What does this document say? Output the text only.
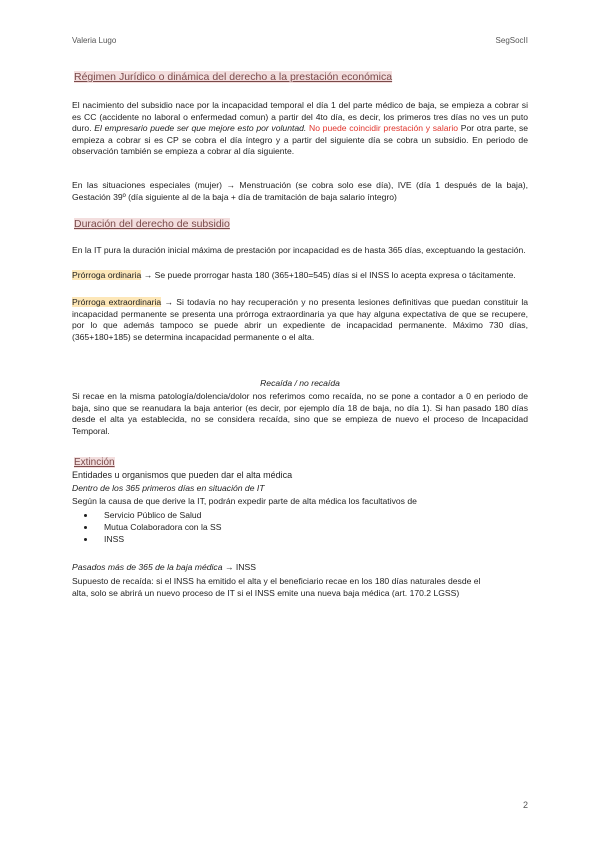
Valeria Lugo	SegSocII
Régimen Jurídico o dinámica del derecho a la prestación económica
El nacimiento del subsidio nace por la incapacidad temporal el día 1 del parte médico de baja, se empieza a cobrar si es CC (accidente no laboral o enfermedad comun) a partir del 4to día, es decir, los primeros tres días no ves un puto duro. El empresario puede ser que mejore esto por voluntad. No puede coincidir prestación y salario Por otra parte, se empieza a cobrar si es CP se cobra el día íntegro y a partir del siguiente día se cobra un subsidio. En periodo de observación también se empieza a cobrar al día siguiente.
En las situaciones especiales (mujer) → Menstruación (se cobra solo ese día), IVE (día 1 después de la baja), Gestación 39º (día siguiente al de la baja + día de tramitación de baja salario íntegro)
Duración del derecho de subsidio
En la IT pura la duración inicial máxima de prestación por incapacidad es de hasta 365 días, exceptuando la gestación.
Prórroga ordinaria → Se puede prorrogar hasta 180 (365+180=545) días si el INSS lo acepta expresa o tácitamente.
Prórroga extraordinaria → Si todavía no hay recuperación y no presenta lesiones definitivas que puedan constituir la incapacidad permanente se presenta una prórroga extraordinaria ya que hay alguna expectativa de que se recupere, por lo que además tampoco se puede abrir un expediente de incapacidad permanente. Máximo 730 días, (365+180+185) se determina incapacidad permanente o el alta.
Recaída / no recaída
Si recae en la misma patología/dolencia/dolor nos referimos como recaída, no se pone a contador a 0 en periodo de baja, sino que se reanudara la baja anterior (es decir, por ejemplo día 18 de baja, no día 1). Si han pasado 180 días desde el alta ya establecida, no se considera recaída, sino que se empieza de nuevo el proceso de Incapacidad Temporal.
Extinción
Entidades u organismos que pueden dar el alta médica
Dentro de los 365 primeros días en situación de IT
Según la causa de que derive la IT, podrán expedir parte de alta médica los facultativos de
• Servicio Público de Salud
• Mutua Colaboradora con la SS
• INSS
Pasados más de 365 de la baja médica → INSS
Supuesto de recaída: si el INSS ha emitido el alta y el beneficiario recae en los 180 días naturales desde el alta, solo se abrirá un nuevo proceso de IT si el INSS emite una nueva baja médica (art. 170.2 LGSS)
2
